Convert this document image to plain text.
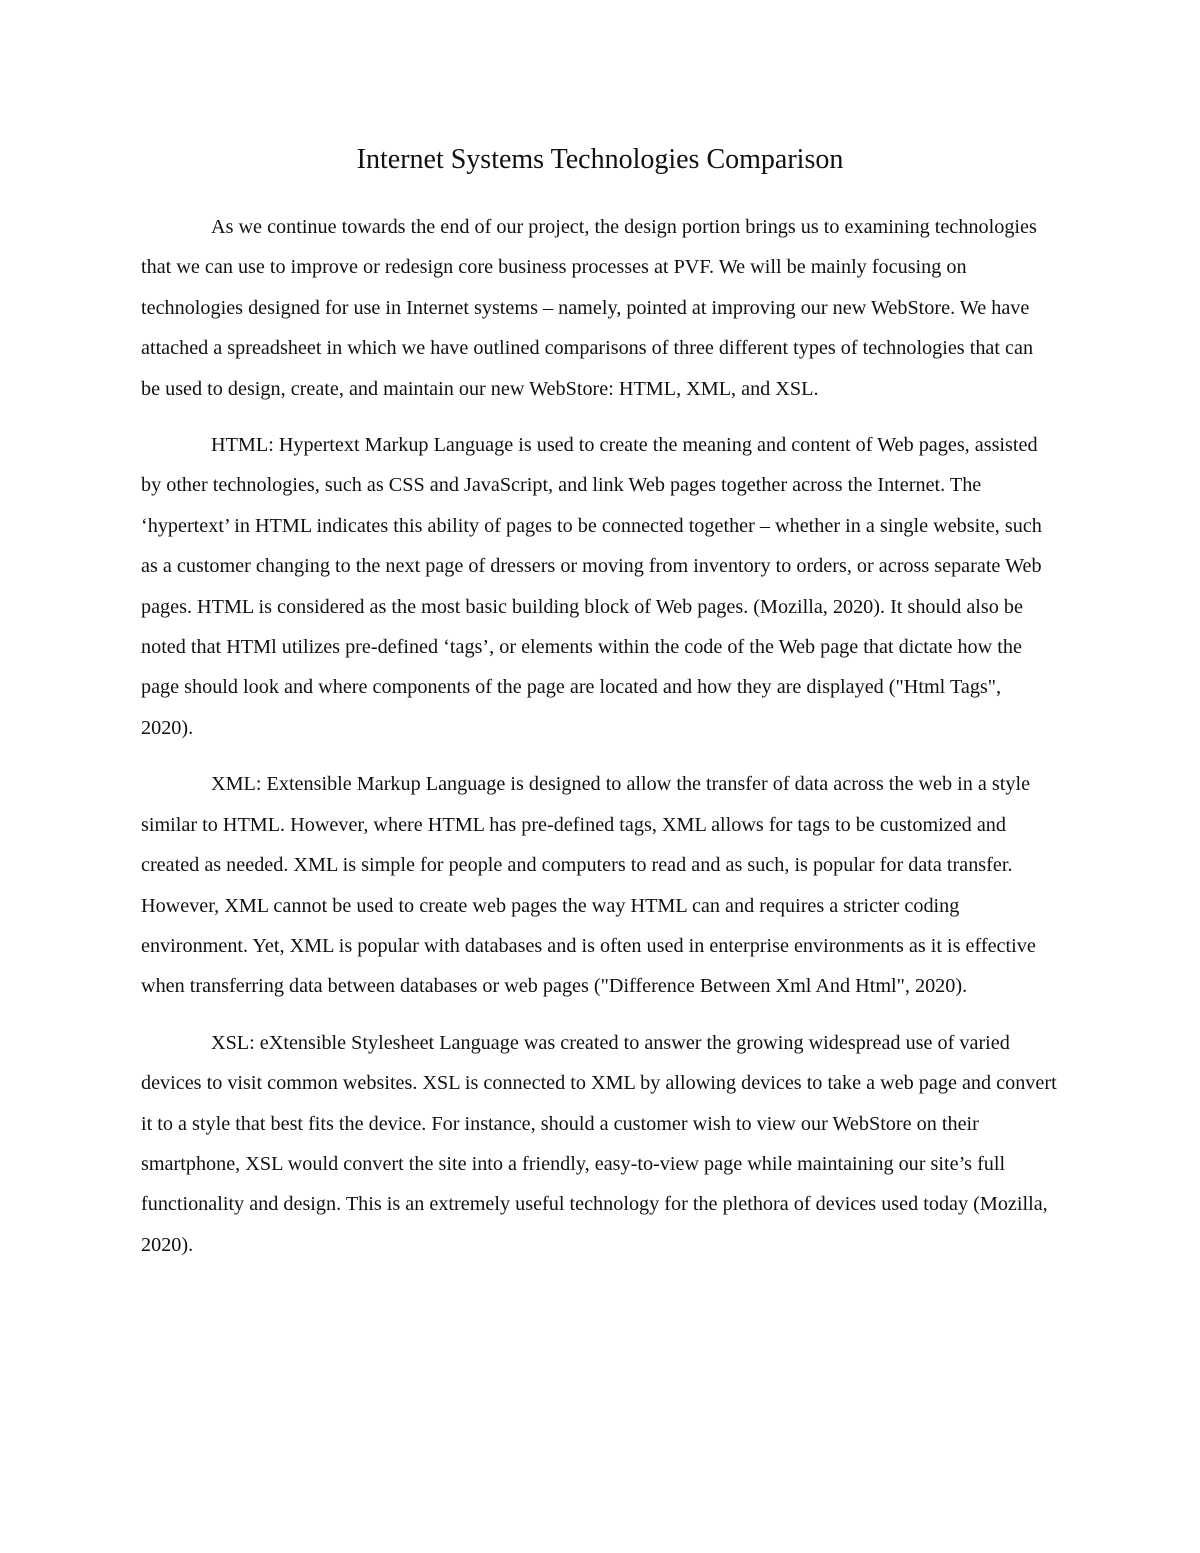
Internet Systems Technologies Comparison

As we continue towards the end of our project, the design portion brings us to examining technologies that we can use to improve or redesign core business processes at PVF. We will be mainly focusing on technologies designed for use in Internet systems – namely, pointed at improving our new WebStore. We have attached a spreadsheet in which we have outlined comparisons of three different types of technologies that can be used to design, create, and maintain our new WebStore: HTML, XML, and XSL.

HTML: Hypertext Markup Language is used to create the meaning and content of Web pages, assisted by other technologies, such as CSS and JavaScript, and link Web pages together across the Internet. The ‘hypertext’ in HTML indicates this ability of pages to be connected together – whether in a single website, such as a customer changing to the next page of dressers or moving from inventory to orders, or across separate Web pages. HTML is considered as the most basic building block of Web pages. (Mozilla, 2020). It should also be noted that HTMl utilizes pre-defined ‘tags’, or elements within the code of the Web page that dictate how the page should look and where components of the page are located and how they are displayed ("Html Tags", 2020).

XML: Extensible Markup Language is designed to allow the transfer of data across the web in a style similar to HTML. However, where HTML has pre-defined tags, XML allows for tags to be customized and created as needed. XML is simple for people and computers to read and as such, is popular for data transfer. However, XML cannot be used to create web pages the way HTML can and requires a stricter coding environment. Yet, XML is popular with databases and is often used in enterprise environments as it is effective when transferring data between databases or web pages ("Difference Between Xml And Html", 2020).

XSL: eXtensible Stylesheet Language was created to answer the growing widespread use of varied devices to visit common websites. XSL is connected to XML by allowing devices to take a web page and convert it to a style that best fits the device. For instance, should a customer wish to view our WebStore on their smartphone, XSL would convert the site into a friendly, easy-to-view page while maintaining our site’s full functionality and design. This is an extremely useful technology for the plethora of devices used today (Mozilla, 2020).
